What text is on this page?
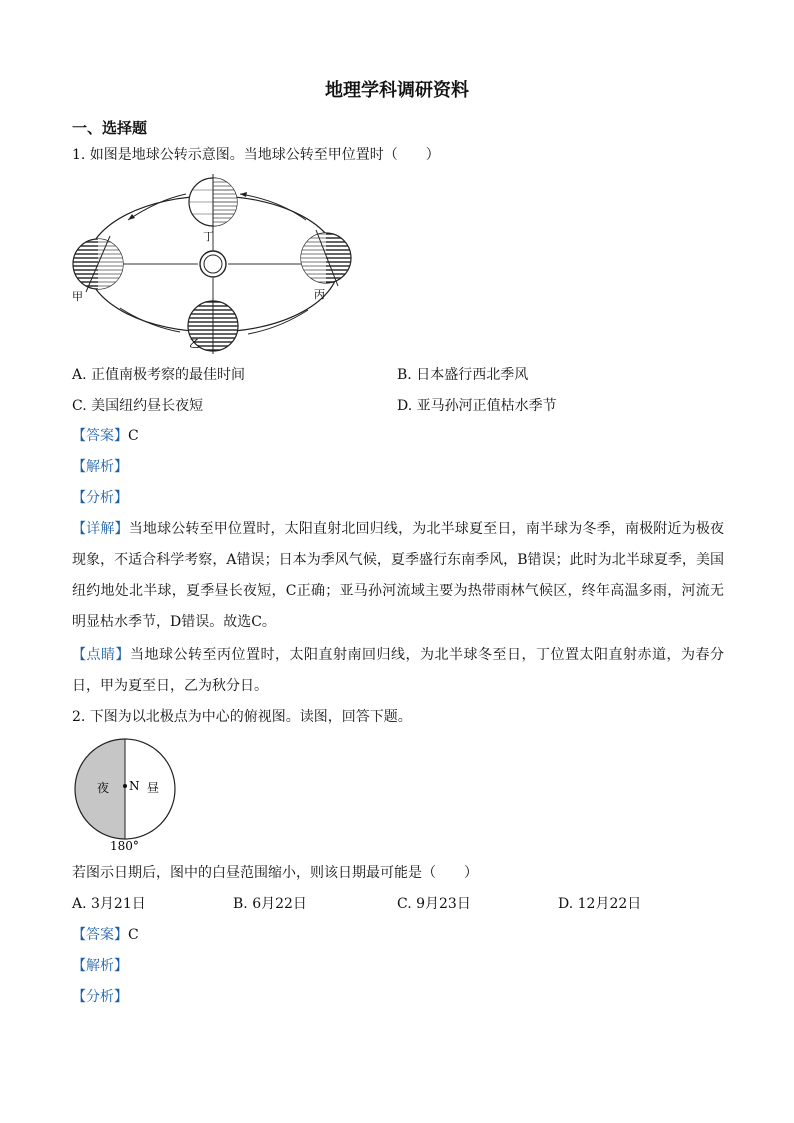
地理学科调研资料
一、选择题
1. 如图是地球公转示意图。当地球公转至甲位置时（　　）
甲
乙
丙
丁
A. 正值南极考察的最佳时间	B. 日本盛行西北季风
C. 美国纽约昼长夜短	D. 亚马孙河正值枯水季节
【答案】C
【解析】
【分析】
【详解】当地球公转至甲位置时，太阳直射北回归线，为北半球夏至日，南半球为冬季，南极附近为极夜现象，不适合科学考察，A错误；日本为季风气候，夏季盛行东南季风，B错误；此时为北半球夏季，美国纽约地处北半球，夏季昼长夜短，C正确；亚马孙河流域主要为热带雨林气候区，终年高温多雨，河流无明显枯水季节，D错误。故选C。
【点睛】当地球公转至丙位置时，太阳直射南回归线，为北半球冬至日，丁位置太阳直射赤道，为春分日，甲为夏至日，乙为秋分日。
2. 下图为以北极点为中心的俯视图。读图，回答下题。
夜 N 昼
180°
若图示日期后，图中的白昼范围缩小，则该日期最可能是（　　）
A. 3月21日	B. 6月22日	C. 9月23日	D. 12月22日
【答案】C
【解析】
【分析】
